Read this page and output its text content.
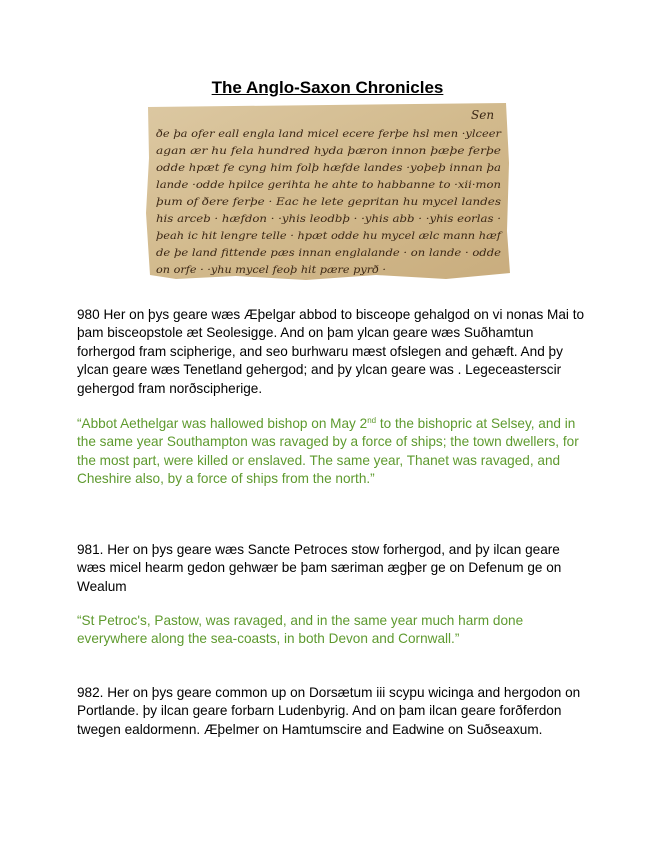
The Anglo-Saxon Chronicles
Sen
ðe þa ofer eall engla land micel ecere ferþe hsl men ·ylceer
agan ær hu fela hundred hyda þæron innon þæþe ferþe
odde hpæt fe cyng him folþ hæfde landes ·yoþeþ innan þa
lande ·odde hpilce gerihta he ahte to habbanne to ·xii·mon
þum of ðere ferþe · Eac he lete gepritan hu mycel landes
his arceb · hæfdon · ·yhis leodbþ · ·yhis abb · ·yhis eorlas ·
þeah ic hit lengre telle · hpæt odde hu mycel ælc mann hæf
de þe land fittende pæs innan englalande · on lande · odde
on orfe · ·yhu mycel feoþ hit pære pyrð ·

980 Her on þys geare wæs Æþelgar abbod to bisceope gehalgod on vi nonas Mai to þam bisceopstole æt Seolesigge. And on þam ylcan geare wæs Suðhamtun forhergod fram scipherige, and seo burhwaru mæst ofslegen and gehæft. And þy ylcan geare wæs Tenetland gehergod; and þy ylcan geare was . Legeceasterscir gehergod fram norðscipherige.

“Abbot Aethelgar was hallowed bishop on May 2nd to the bishopric at Selsey, and in the same year Southampton was ravaged by a force of ships; the town dwellers, for the most part, were killed or enslaved. The same year, Thanet was ravaged, and Cheshire also, by a force of ships from the north.”

981. Her on þys geare wæs Sancte Petroces stow forhergod, and þy ilcan geare wæs micel hearm gedon gehwær be þam særiman ægþer ge on Defenum ge on Wealum

“St Petroc's, Pastow, was ravaged, and in the same year much harm done everywhere along the sea-coasts, in both Devon and Cornwall.”

982. Her on þys geare common up on Dorsætum iii scypu wicinga and hergodon on Portlande. þy ilcan geare forbarn Ludenbyrig. And on þam ilcan geare forðferdon twegen ealdormenn. Æþelmer on Hamtumscire and Eadwine on Suðseaxum.
